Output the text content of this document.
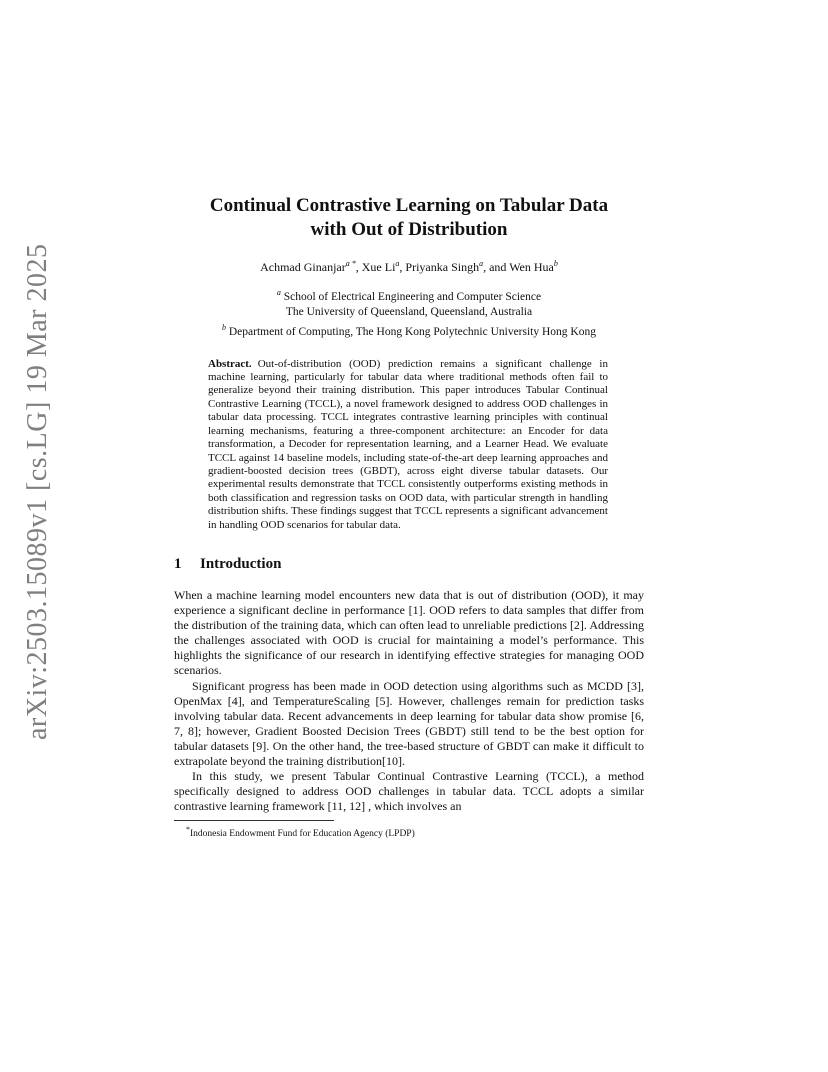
arXiv:2503.15089v1 [cs.LG] 19 Mar 2025
Continual Contrastive Learning on Tabular Data
with Out of Distribution
Achmad Ginanjar$^{a *}$, Xue Li$^a$, Priyanka Singh$^a$, and Wen Hua$^b$
$^a$ School of Electrical Engineering and Computer Science
The University of Queensland, Queensland, Australia
$^b$ Department of Computing, The Hong Kong Polytechnic University Hong Kong
Abstract. Out-of-distribution (OOD) prediction remains a significant challenge in machine learning, particularly for tabular data where traditional methods often fail to generalize beyond their training distribution. This paper introduces Tabular Continual Contrastive Learning (TCCL), a novel framework designed to address OOD challenges in tabular data processing. TCCL integrates contrastive learning principles with continual learning mechanisms, featuring a three-component architecture: an Encoder for data transformation, a Decoder for representation learning, and a Learner Head. We evaluate TCCL against 14 baseline models, including state-of-the-art deep learning approaches and gradient-boosted decision trees (GBDT), across eight diverse tabular datasets. Our experimental results demonstrate that TCCL consistently outperforms existing methods in both classification and regression tasks on OOD data, with particular strength in handling distribution shifts. These findings suggest that TCCL represents a significant advancement in handling OOD scenarios for tabular data.
1 Introduction

When a machine learning model encounters new data that is out of distribution (OOD), it may experience a significant decline in performance [1]. OOD refers to data samples that differ from the distribution of the training data, which can often lead to unreliable predictions [2]. Addressing the challenges associated with OOD is crucial for maintaining a model’s performance. This highlights the significance of our research in identifying effective strategies for managing OOD scenarios.

Significant progress has been made in OOD detection using algorithms such as MCDD [3], OpenMax [4], and TemperatureScaling [5]. However, challenges remain for prediction tasks involving tabular data. Recent advancements in deep learning for tabular data show promise [6, 7, 8]; however, Gradient Boosted Decision Trees (GBDT) still tend to be the best option for tabular datasets [9]. On the other hand, the tree-based structure of GBDT can make it difficult to extrapolate beyond the training distribution[10].

In this study, we present Tabular Continual Contrastive Learning (TCCL), a method specifically designed to address OOD challenges in tabular data. TCCL adopts a similar contrastive learning framework [11, 12] , which involves an

*Indonesia Endowment Fund for Education Agency (LPDP)
